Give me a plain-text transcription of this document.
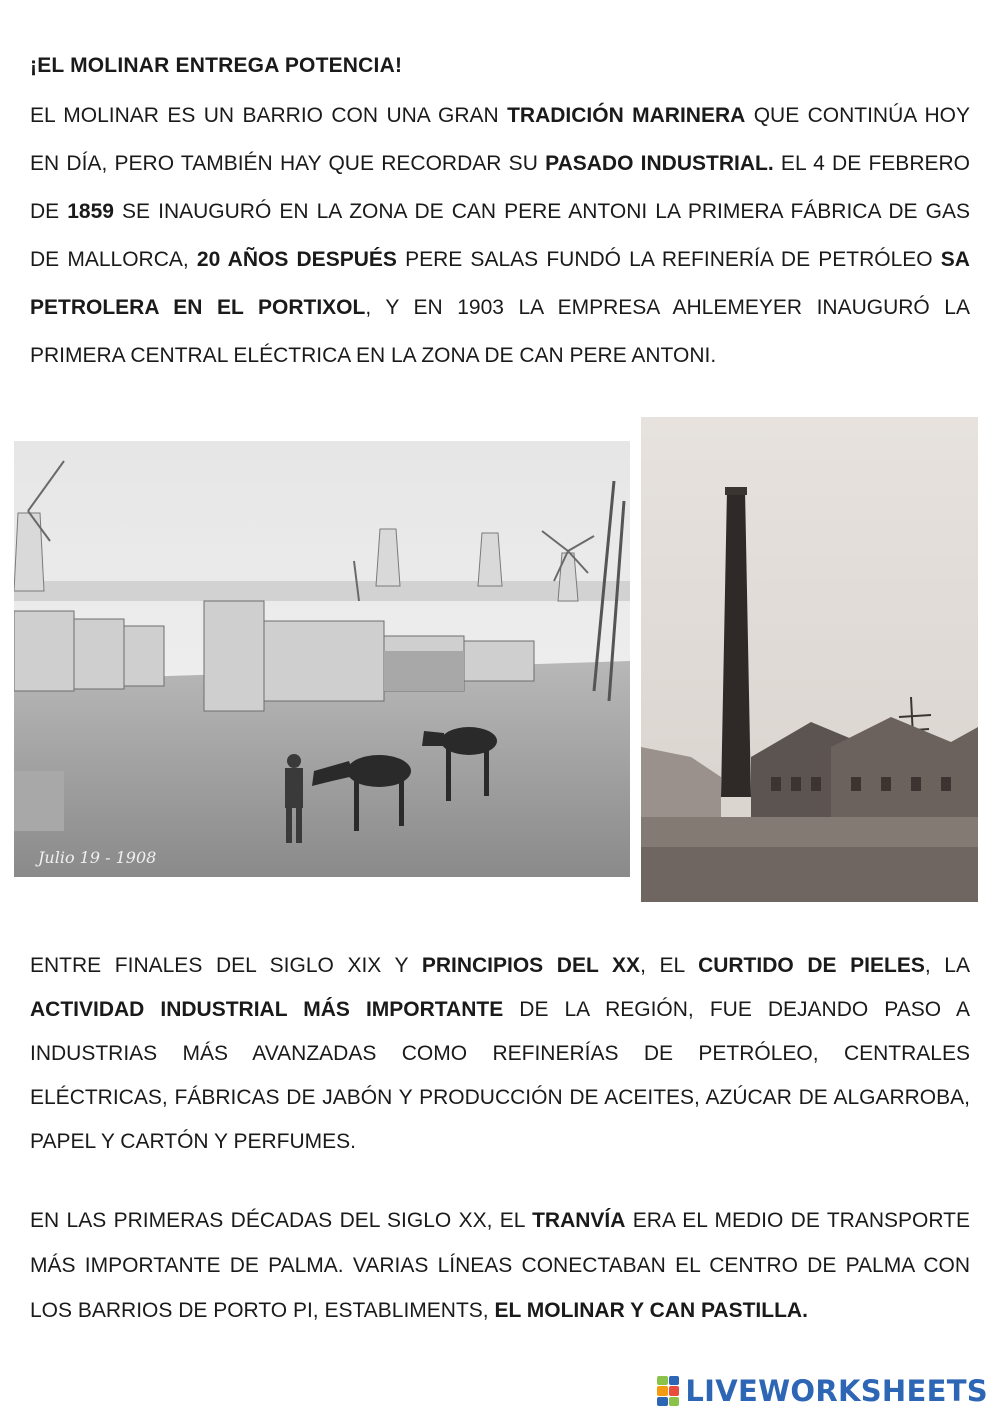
¡EL MOLINAR ENTREGA POTENCIA!

EL MOLINAR ES UN BARRIO CON UNA GRAN TRADICIÓN MARINERA QUE CONTINÚA HOY EN DÍA, PERO TAMBIÉN HAY QUE RECORDAR SU PASADO INDUSTRIAL. EL 4 DE FEBRERO DE 1859 SE INAUGURÓ EN LA ZONA DE CAN PERE ANTONI LA PRIMERA FÁBRICA DE GAS DE MALLORCA, 20 AÑOS DESPUÉS PERE SALAS FUNDÓ LA REFINERÍA DE PETRÓLEO SA PETROLERA EN EL PORTIXOL, Y EN 1903 LA EMPRESA AHLEMEYER INAUGURÓ LA PRIMERA CENTRAL ELÉCTRICA EN LA ZONA DE CAN PERE ANTONI.

Julio 19 - 1908

ENTRE FINALES DEL SIGLO XIX Y PRINCIPIOS DEL XX, EL CURTIDO DE PIELES, LA ACTIVIDAD INDUSTRIAL MÁS IMPORTANTE DE LA REGIÓN, FUE DEJANDO PASO A INDUSTRIAS MÁS AVANZADAS COMO REFINERÍAS DE PETRÓLEO, CENTRALES ELÉCTRICAS, FÁBRICAS DE JABÓN Y PRODUCCIÓN DE ACEITES, AZÚCAR DE ALGARROBA, PAPEL Y CARTÓN Y PERFUMES.

EN LAS PRIMERAS DÉCADAS DEL SIGLO XX, EL TRANVÍA ERA EL MEDIO DE TRANSPORTE MÁS IMPORTANTE DE PALMA. VARIAS LÍNEAS CONECTABAN EL CENTRO DE PALMA CON LOS BARRIOS DE PORTO PI, ESTABLIMENTS, EL MOLINAR Y CAN PASTILLA.

LIVEWORKSHEETS
